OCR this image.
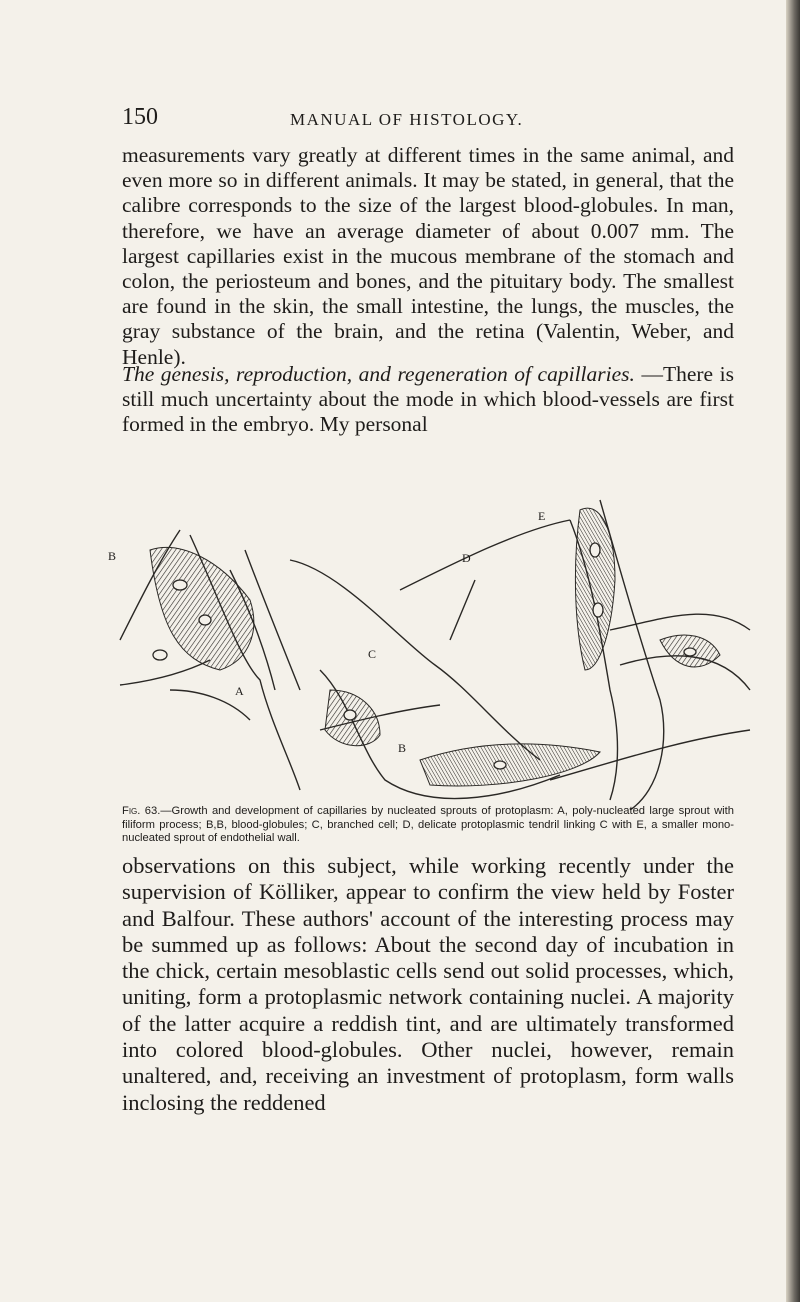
150	MANUAL OF HISTOLOGY.

measurements vary greatly at different times in the same animal, and even more so in different animals. It may be stated, in general, that the calibre corresponds to the size of the largest blood-globules. In man, therefore, we have an average diameter of about 0.007 mm. The largest capillaries exist in the mucous membrane of the stomach and colon, the periosteum and bones, and the pituitary body. The smallest are found in the skin, the small intestine, the lungs, the muscles, the gray substance of the brain, and the retina (Valentin, Weber, and Henle).

The genesis, reproduction, and regeneration of capillaries. —There is still much uncertainty about the mode in which blood-vessels are first formed in the embryo. My personal

B
A
C
D
E
B

Fig. 63.—Growth and development of capillaries by nucleated sprouts of protoplasm: A, poly-nucleated large sprout with filiform process; B,B, blood-globules; C, branched cell; D, delicate protoplasmic tendril linking C with E, a smaller mono-nucleated sprout of endothelial wall.

observations on this subject, while working recently under the supervision of Kölliker, appear to confirm the view held by Foster and Balfour. These authors' account of the interesting process may be summed up as follows: About the second day of incubation in the chick, certain mesoblastic cells send out solid processes, which, uniting, form a protoplasmic network containing nuclei. A majority of the latter acquire a reddish tint, and are ultimately transformed into colored blood-globules. Other nuclei, however, remain unaltered, and, receiving an investment of protoplasm, form walls inclosing the reddened
